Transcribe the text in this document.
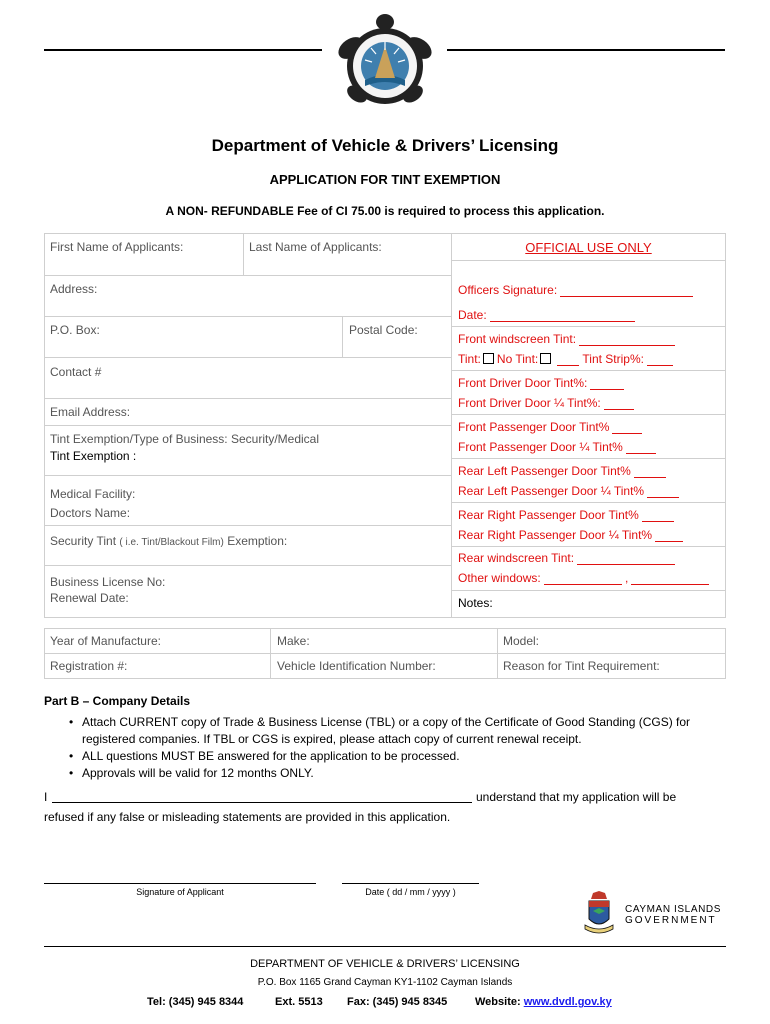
Department of Vehicle & Drivers’ Licensing
APPLICATION FOR TINT EXEMPTION
A NON- REFUNDABLE Fee of CI 75.00 is required to process this application.
First Name of Applicants:	Last Name of Applicants:
Address:
P.O. Box:	Postal Code:
Contact #
Email Address:
Tint Exemption/Type of Business: Security/Medical
Tint Exemption :
Medical Facility:
Doctors Name:
Security Tint ( i.e. Tint/Blackout Film) Exemption:
Business License No:
Renewal Date:
OFFICIAL USE ONLY
Officers Signature:
Date:
Front windscreen Tint:
Tint: No Tint:	Tint Strip%:
Front Driver Door Tint%:
Front Driver Door ¼ Tint%:
Front Passenger Door Tint%
Front Passenger Door ¼ Tint%
Rear Left Passenger Door Tint%
Rear Left Passenger Door ¼ Tint%
Rear Right Passenger Door Tint%
Rear Right Passenger Door ¼ Tint%
Rear windscreen Tint:
Other windows:	,
Notes:
Year of Manufacture:	Make:	Model:
Registration #:	Vehicle Identification Number:	Reason for Tint Requirement:
Part B – Company Details
• Attach CURRENT copy of Trade & Business License (TBL) or a copy of the Certificate of Good Standing (CGS) for registered companies. If TBL or CGS is expired, please attach copy of current renewal receipt.
• ALL questions MUST BE answered for the application to be processed.
• Approvals will be valid for 12 months ONLY.
I	understand that my application will be
refused if any false or misleading statements are provided in this application.
Signature of Applicant	Date ( dd / mm / yyyy )
CAYMAN ISLANDS
GOVERNMENT
DEPARTMENT OF VEHICLE & DRIVERS’ LICENSING
P.O. Box 1165 Grand Cayman KY1-1102 Cayman Islands
Tel: (345) 945 8344	Ext. 5513 Fax: (345) 945 8345	Website: www.dvdl.gov.ky
